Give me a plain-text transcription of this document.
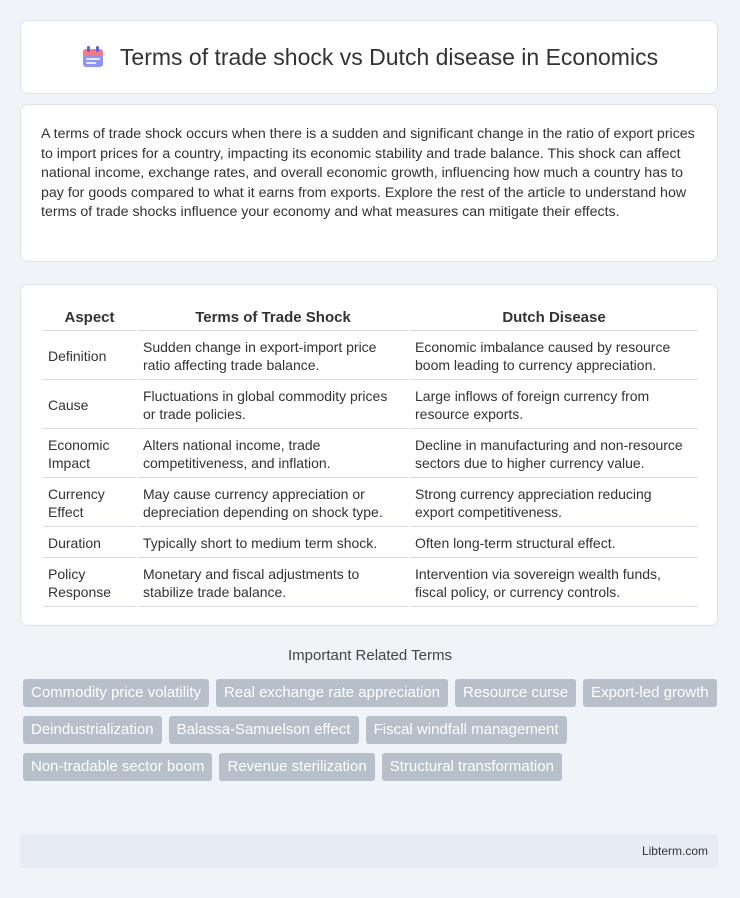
Terms of trade shock vs Dutch disease in Economics
A terms of trade shock occurs when there is a sudden and significant change in the ratio of export prices to import prices for a country, impacting its economic stability and trade balance. This shock can affect national income, exchange rates, and overall economic growth, influencing how much a country has to pay for goods compared to what it earns from exports. Explore the rest of the article to understand how terms of trade shocks influence your economy and what measures can mitigate their effects.
Aspect	Terms of Trade Shock	Dutch Disease
Definition	Sudden change in export-import price ratio affecting trade balance.	Economic imbalance caused by resource boom leading to currency appreciation.
Cause	Fluctuations in global commodity prices or trade policies.	Large inflows of foreign currency from resource exports.
Economic Impact	Alters national income, trade competitiveness, and inflation.	Decline in manufacturing and non-resource sectors due to higher currency value.
Currency Effect	May cause currency appreciation or depreciation depending on shock type.	Strong currency appreciation reducing export competitiveness.
Duration	Typically short to medium term shock.	Often long-term structural effect.
Policy Response	Monetary and fiscal adjustments to stabilize trade balance.	Intervention via sovereign wealth funds, fiscal policy, or currency controls.
Important Related Terms
Commodity price volatility	Real exchange rate appreciation	Resource curse	Export-led growth
Deindustrialization	Balassa-Samuelson effect	Fiscal windfall management
Non-tradable sector boom	Revenue sterilization	Structural transformation
Libterm.com
